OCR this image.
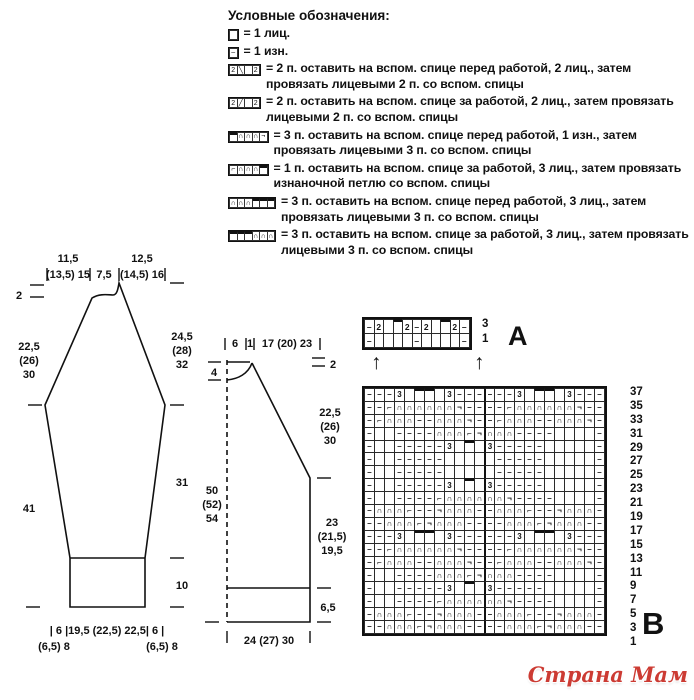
Условные обозначения:
= 1 лиц.
– = 1 изн.
2 ╲	2 = 2 п. оставить на вспом. спице перед работой, 2 лиц., затем провязать лицевыми 2 п. со вспом. спицы
2 ╱	2 = 2 п. оставить на вспом. спице за работой, 2 лиц., затем провязать лицевыми 2 п. со вспом. спицы
∩ ∩ ∩ ¬ = 3 п. оставить на вспом. спице перед работой, 1 изн., затем провязать лицевыми 3 п. со вспом. спицы
⌐ ∩ ∩ ∩ = 1 п. оставить на вспом. спице за работой, 3 лиц., затем провязать изнаночной петлю со вспом. спицы
∩ ∩ ∩ = 3 п. оставить на вспом. спице перед работой, 3 лиц., затем провязать лицевыми 3 п. со вспом. спицы
∩ ∩ ∩ = 3 п. оставить на вспом. спице за работой, 3 лиц., затем провязать лицевыми 3 п. со вспом. спицы
11,5
(13,5) 15 7,5
12,5
(14,5) 16
2
22,5
(26)
30
41
24,5
(28)
32
31
10
| 6 |19,5 (22,5) 22,5| 6 |
(6,5) 8	(6,5) 8
6 1 17 (20) 23
4
2
22,5
(26)
30
50
(52)
54	23
(21,5)
19,5
6,5
24 (27) 30
– 2	2 – 2	2 –
–	–	–
3
1 A
↑	↑
– – – 3	3 – – – – – – 3	3 – – –
– – ⌐ ∩ ∩ ∩ ∩ ∩ ∩ ¬ – – – – ⌐ ∩ ∩ ∩ ∩ ∩ ∩ ¬ – –
– ⌐ ∩ ∩ ∩ – – ∩ ∩ ∩ ¬ – – ⌐ ∩ ∩ ∩ – – ∩ ∩ ∩ ¬ –
–	– – – – ∩ ∩ ∩ ⌐ ¬ ∩ ∩ ∩ – – – –	–
–	– – – – – 3	3 – – – – –	–
–	– – – – –	– – – – –	–
–	– – – – –	– – – – –	–
–	– – – – – 3	3 – – – – –	–
–	– – – – ⌐ ∩ ∩ ∩ ∩ ∩ ∩ ¬ – – – –	–
– ∩ ∩ ∩ ⌐ – – ¬ ∩ ∩ ∩ – – ∩ ∩ ∩ ⌐ – – ¬ ∩ ∩ ∩ –
– – ∩ ∩ ∩ ⌐ ¬ ∩ ∩ ∩ – – – – ∩ ∩ ∩ ⌐ ¬ ∩ ∩ ∩ – –
– – – 3	3 – – – – – – 3	3 – – –
– – ⌐ ∩ ∩ ∩ ∩ ∩ ∩ ¬ – – – – ⌐ ∩ ∩ ∩ ∩ ∩ ∩ ¬ – –
– ⌐ ∩ ∩ ∩ – – ∩ ∩ ∩ ¬ – – ⌐ ∩ ∩ ∩ – – ∩ ∩ ∩ ¬ –
–	– – – – ∩ ∩ ∩ ⌐ ¬ ∩ ∩ ∩ – – – –	–
–	– – – – – 3	3 – – – – –	–
–	– – – – ⌐ ∩ ∩ ∩ ∩ ∩ ∩ ¬ – – – –	–
– ∩ ∩ ∩ ⌐ – – ¬ ∩ ∩ ∩ – – ∩ ∩ ∩ ⌐ – – ¬ ∩ ∩ ∩ –
– – ∩ ∩ ∩ ⌐ ¬ ∩ ∩ ∩ – – – – ∩ ∩ ∩ ⌐ ¬ ∩ ∩ ∩ – –
37
35
33
31
29
27
25
23
21
19
17
15
13
11
9
7
5
3
1
B
Страна Мам
